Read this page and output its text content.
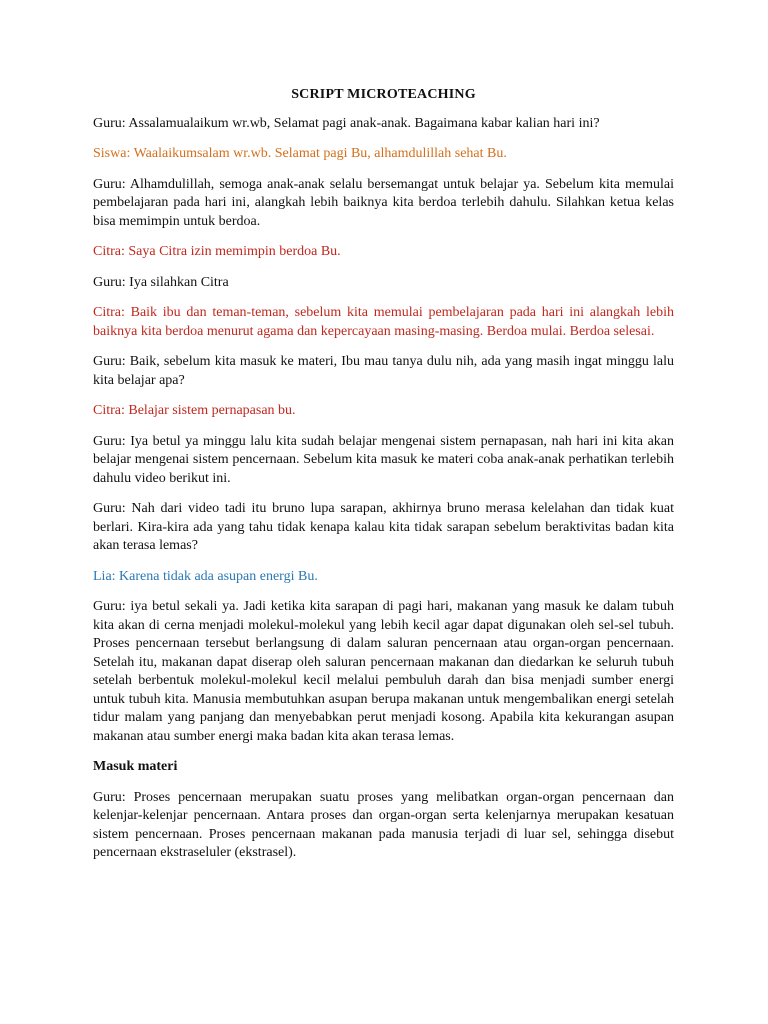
SCRIPT MICROTEACHING

Guru: Assalamualaikum wr.wb, Selamat pagi anak-anak. Bagaimana kabar kalian hari ini?

Siswa: Waalaikumsalam wr.wb. Selamat pagi Bu, alhamdulillah sehat Bu.

Guru: Alhamdulillah, semoga anak-anak selalu bersemangat untuk belajar ya. Sebelum kita memulai pembelajaran pada hari ini, alangkah lebih baiknya kita berdoa terlebih dahulu. Silahkan ketua kelas bisa memimpin untuk berdoa.

Citra: Saya Citra izin memimpin berdoa Bu.

Guru: Iya silahkan Citra

Citra: Baik ibu dan teman-teman, sebelum kita memulai pembelajaran pada hari ini alangkah lebih baiknya kita berdoa menurut agama dan kepercayaan masing-masing. Berdoa mulai. Berdoa selesai.

Guru: Baik, sebelum kita masuk ke materi, Ibu mau tanya dulu nih, ada yang masih ingat minggu lalu kita belajar apa?

Citra: Belajar sistem pernapasan bu.

Guru: Iya betul ya minggu lalu kita sudah belajar mengenai sistem pernapasan, nah hari ini kita akan belajar mengenai sistem pencernaan. Sebelum kita masuk ke materi coba anak-anak perhatikan terlebih dahulu video berikut ini.

Guru: Nah dari video tadi itu bruno lupa sarapan, akhirnya bruno merasa kelelahan dan tidak kuat berlari. Kira-kira ada yang tahu tidak kenapa kalau kita tidak sarapan sebelum beraktivitas badan kita akan terasa lemas?

Lia: Karena tidak ada asupan energi Bu.

Guru: iya betul sekali ya. Jadi ketika kita sarapan di pagi hari, makanan yang masuk ke dalam tubuh kita akan di cerna menjadi molekul-molekul yang lebih kecil agar dapat digunakan oleh sel-sel tubuh. Proses pencernaan tersebut berlangsung di dalam saluran pencernaan atau organ-organ pencernaan. Setelah itu, makanan dapat diserap oleh saluran pencernaan makanan dan diedarkan ke seluruh tubuh setelah berbentuk molekul-molekul kecil melalui pembuluh darah dan bisa menjadi sumber energi untuk tubuh kita. Manusia membutuhkan asupan berupa makanan untuk mengembalikan energi setelah tidur malam yang panjang dan menyebabkan perut menjadi kosong. Apabila kita kekurangan asupan makanan atau sumber energi maka badan kita akan terasa lemas.

Masuk materi

Guru: Proses pencernaan merupakan suatu proses yang melibatkan organ-organ pencernaan dan kelenjar-kelenjar pencernaan. Antara proses dan organ-organ serta kelenjarnya merupakan kesatuan sistem pencernaan. Proses pencernaan makanan pada manusia terjadi di luar sel, sehingga disebut pencernaan ekstraseluler (ekstrasel).
